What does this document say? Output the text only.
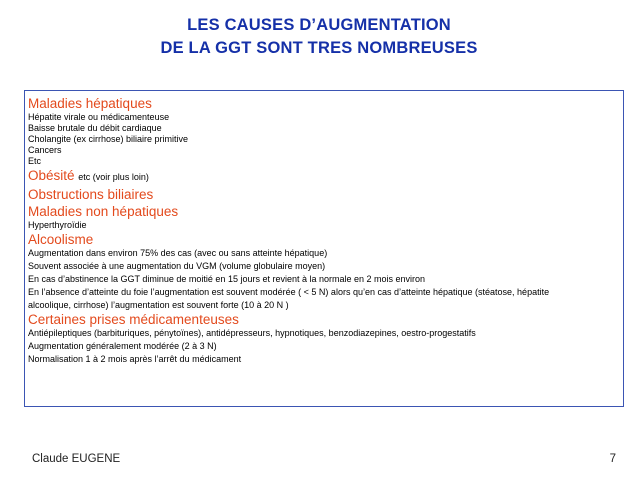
LES CAUSES D’AUGMENTATION
DE LA GGT SONT TRES NOMBREUSES
Maladies hépatiques
Hépatite virale ou médicamenteuse
Baisse brutale du débit cardiaque
Cholangite (ex cirrhose) biliaire primitive
Cancers
Etc
Obésité etc (voir plus loin)
Obstructions biliaires
Maladies non hépatiques
Hyperthyroïdie
Alcoolisme
Augmentation dans environ 75% des cas (avec ou sans atteinte hépatique)
Souvent associée à une augmentation du VGM (volume globulaire moyen)
En cas d’abstinence la GGT diminue de moitié en 15 jours et revient à la normale en 2 mois environ
En l’absence d’atteinte du foie l’augmentation est souvent modérée ( < 5 N) alors qu’en cas d’atteinte hépatique (stéatose, hépatite
alcoolique, cirrhose) l’augmentation est souvent forte (10 à 20 N )
Certaines prises médicamenteuses
Antiépileptiques (barbituriques, pénytoïnes), antidépresseurs, hypnotiques, benzodiazepines, oestro-progestatifs
Augmentation généralement modérée (2 à 3 N)
Normalisation 1 à 2 mois après l’arrêt du médicament
Claude EUGENE	7
